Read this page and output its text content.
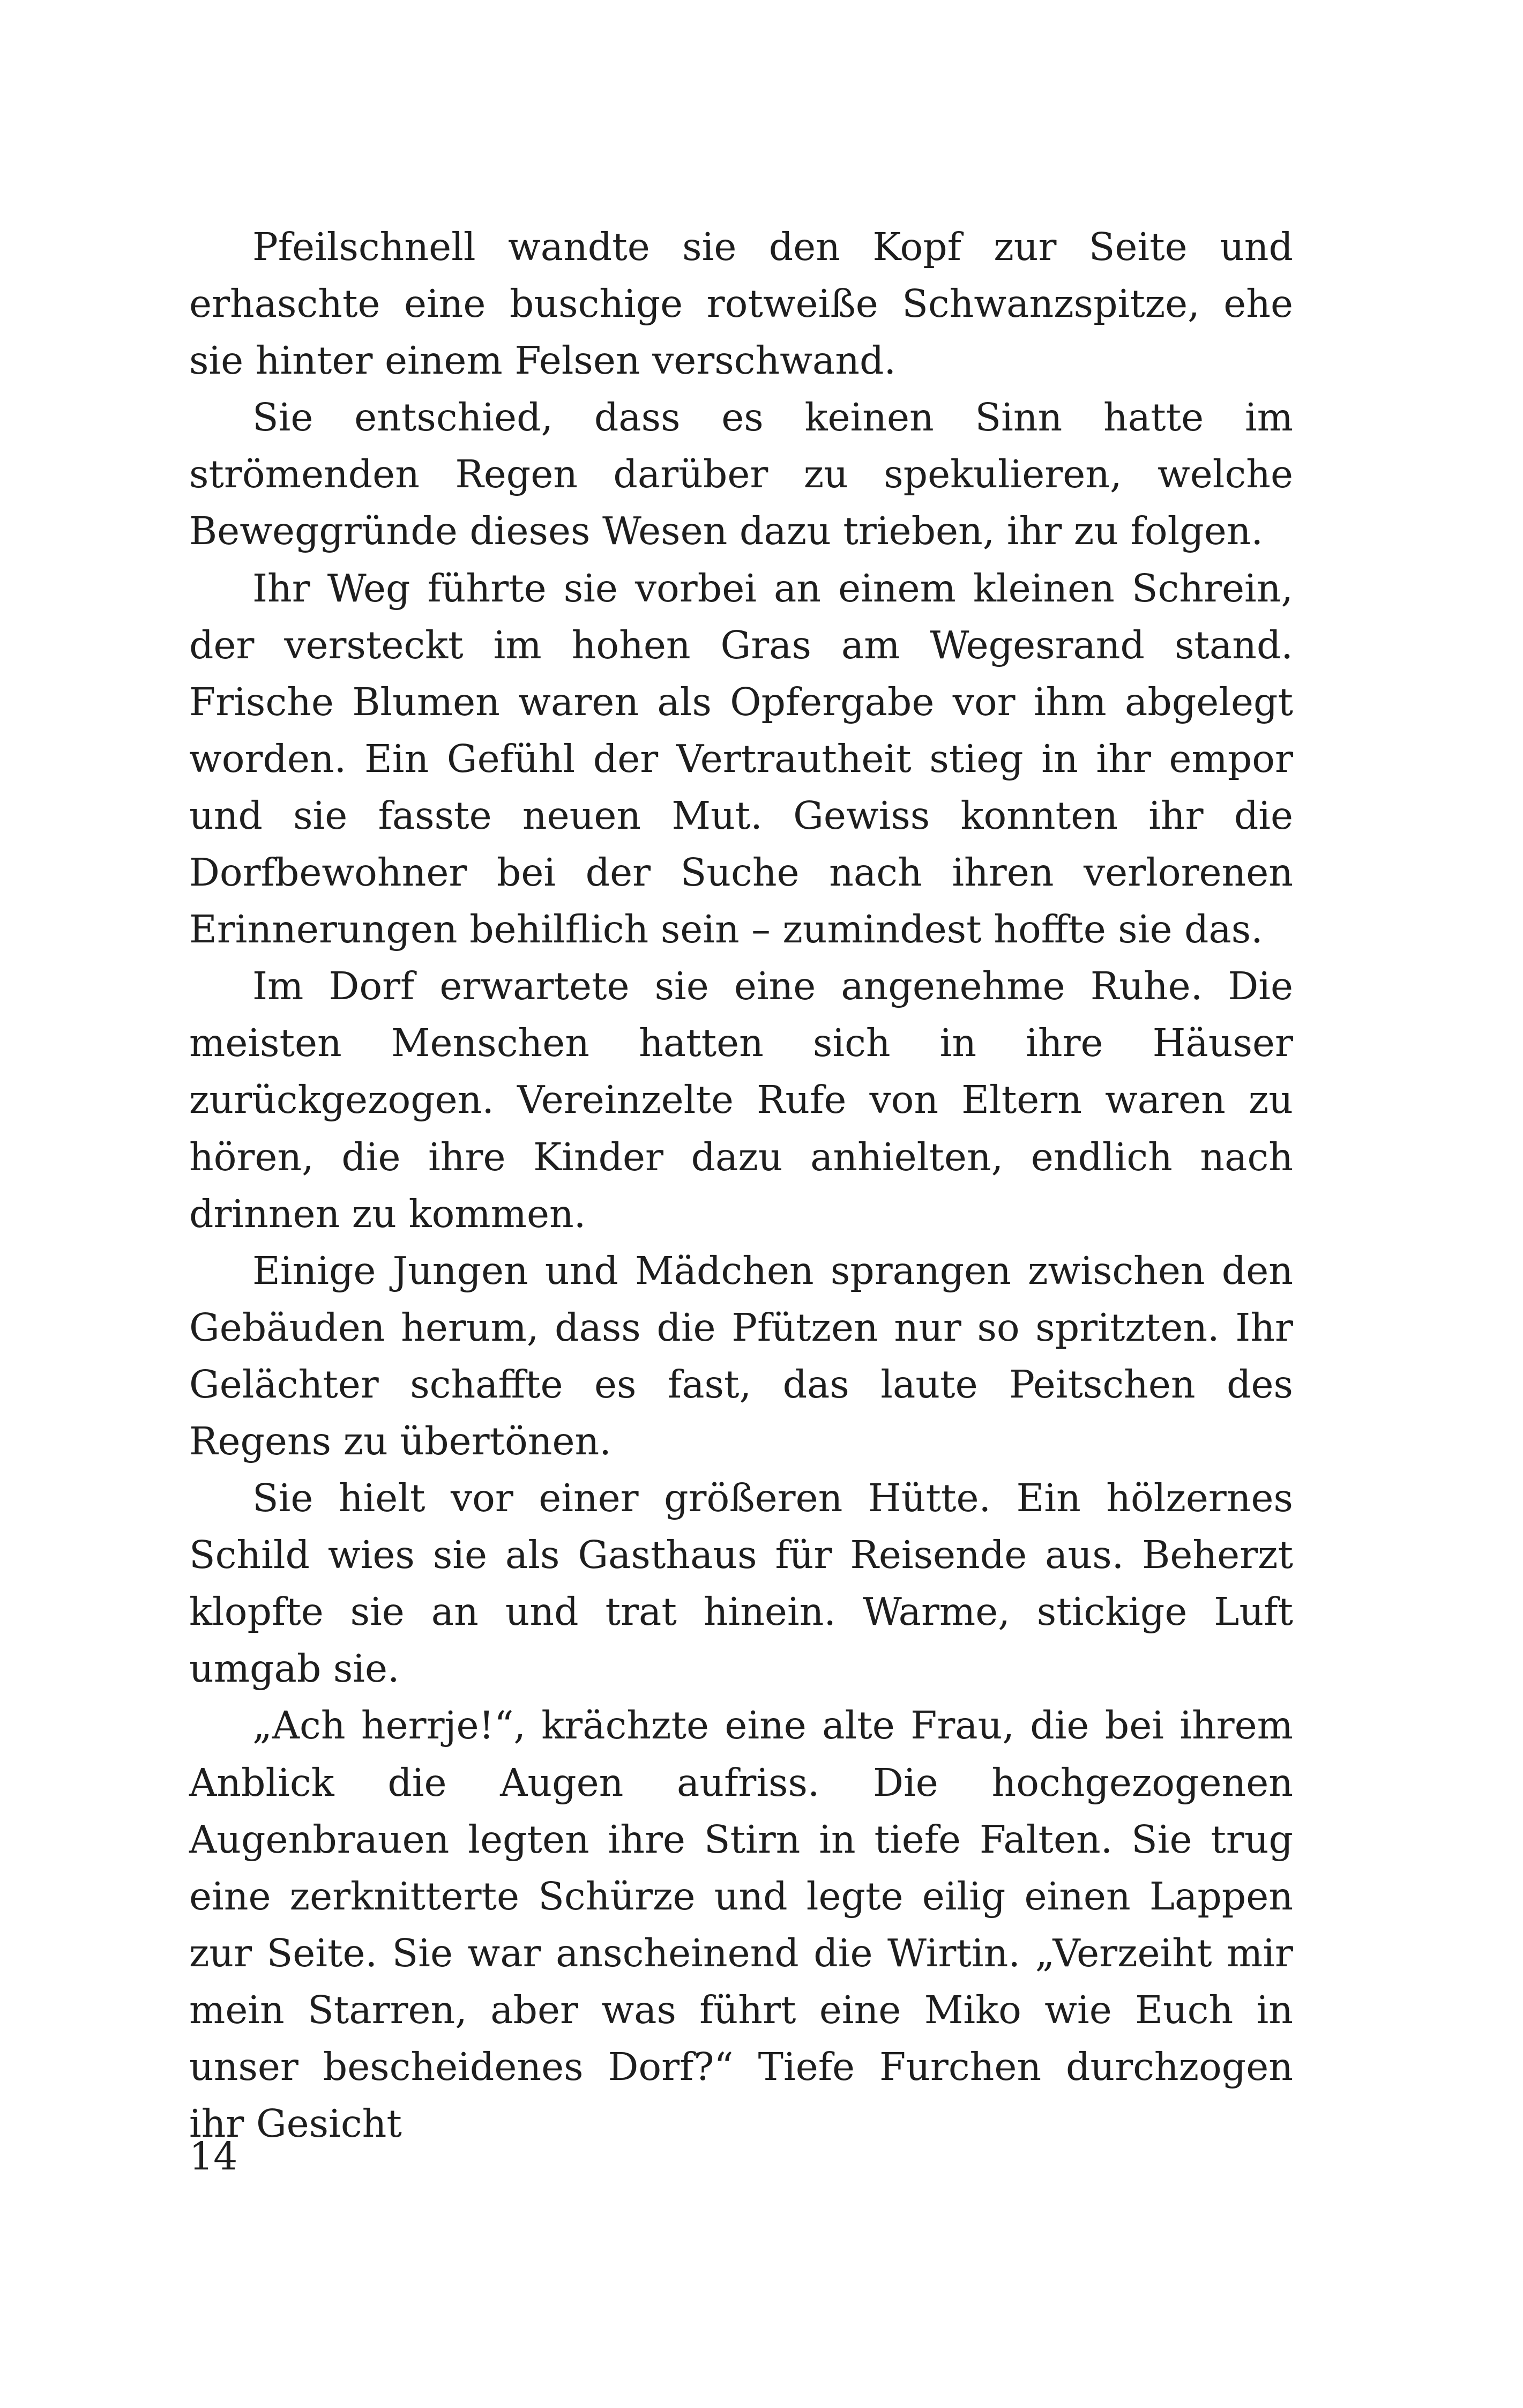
Pfeilschnell wandte sie den Kopf zur Seite und erhaschte eine buschige rotweiße Schwanzspitze, ehe sie hinter einem Felsen verschwand.

Sie entschied, dass es keinen Sinn hatte im strömenden Regen darüber zu spekulieren, welche Beweggründe dieses Wesen dazu trieben, ihr zu folgen.

Ihr Weg führte sie vorbei an einem kleinen Schrein, der versteckt im hohen Gras am Wegesrand stand. Frische Blumen waren als Opfergabe vor ihm abgelegt worden. Ein Gefühl der Vertrautheit stieg in ihr empor und sie fasste neuen Mut. Gewiss konnten ihr die Dorfbewohner bei der Suche nach ihren verlorenen Erinnerungen behilflich sein – zumindest hoffte sie das.

Im Dorf erwartete sie eine angenehme Ruhe. Die meisten Menschen hatten sich in ihre Häuser zurückgezogen. Vereinzelte Rufe von Eltern waren zu hören, die ihre Kinder dazu anhielten, endlich nach drinnen zu kommen.

Einige Jungen und Mädchen sprangen zwischen den Gebäuden herum, dass die Pfützen nur so spritzten. Ihr Gelächter schaffte es fast, das laute Peitschen des Regens zu übertönen.

Sie hielt vor einer größeren Hütte. Ein hölzernes Schild wies sie als Gasthaus für Reisende aus. Beherzt klopfte sie an und trat hinein. Warme, stickige Luft umgab sie.

„Ach herrje!“, krächzte eine alte Frau, die bei ihrem Anblick die Augen aufriss. Die hochgezogenen Augenbrauen legten ihre Stirn in tiefe Falten. Sie trug eine zerknitterte Schürze und legte eilig einen Lappen zur Seite. Sie war anscheinend die Wirtin. „Verzeiht mir mein Starren, aber was führt eine Miko wie Euch in unser bescheidenes Dorf?“ Tiefe Furchen durchzogen ihr Gesicht

14
